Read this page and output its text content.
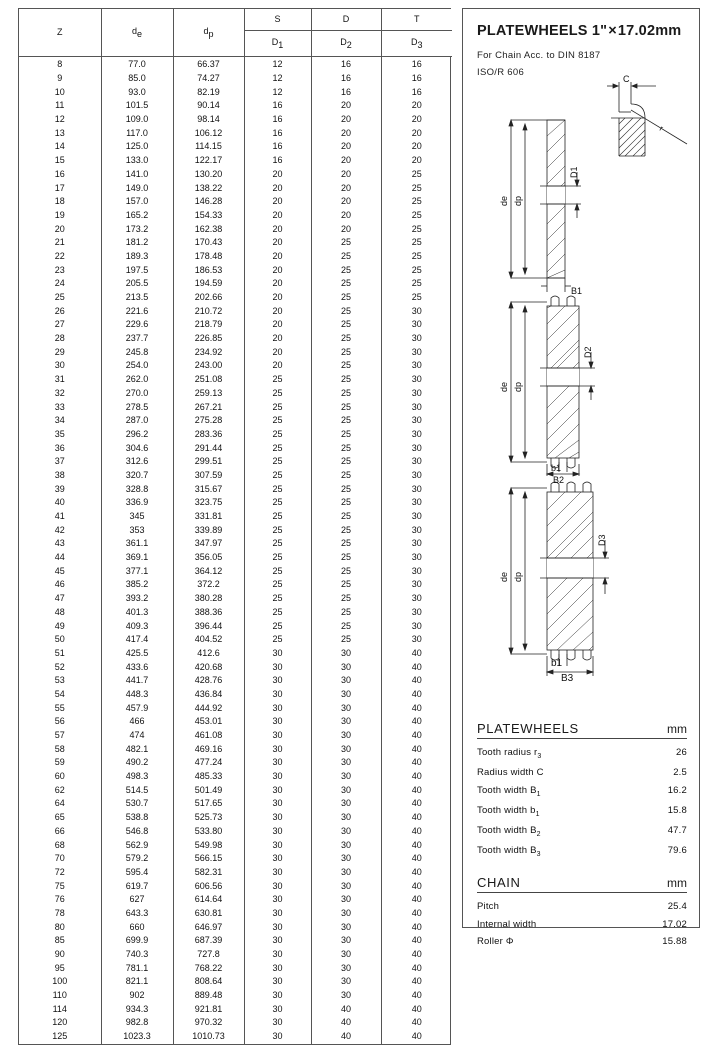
Z	$d_e$	$d_p$	S	D	T
			$D_1$	$D_2$	$D_3$
8	77.0	66.37	12	16	16
9	85.0	74.27	12	16	16
10	93.0	82.19	12	16	16
11	101.5	90.14	16	20	20
12	109.0	98.14	16	20	20
13	117.0	106.12	16	20	20
14	125.0	114.15	16	20	20
15	133.0	122.17	16	20	20
16	141.0	130.20	20	20	25
17	149.0	138.22	20	20	25
18	157.0	146.28	20	20	25
19	165.2	154.33	20	20	25
20	173.2	162.38	20	20	25
21	181.2	170.43	20	25	25
22	189.3	178.48	20	25	25
23	197.5	186.53	20	25	25
24	205.5	194.59	20	25	25
25	213.5	202.66	20	25	25
26	221.6	210.72	20	25	30
27	229.6	218.79	20	25	30
28	237.7	226.85	20	25	30
29	245.8	234.92	20	25	30
30	254.0	243.00	20	25	30
31	262.0	251.08	25	25	30
32	270.0	259.13	25	25	30
33	278.5	267.21	25	25	30
34	287.0	275.28	25	25	30
35	296.2	283.36	25	25	30
36	304.6	291.44	25	25	30
37	312.6	299.51	25	25	30
38	320.7	307.59	25	25	30
39	328.8	315.67	25	25	30
40	336.9	323.75	25	25	30
41	345	331.81	25	25	30
42	353	339.89	25	25	30
43	361.1	347.97	25	25	30
44	369.1	356.05	25	25	30
45	377.1	364.12	25	25	30
46	385.2	372.2	25	25	30
47	393.2	380.28	25	25	30
48	401.3	388.36	25	25	30
49	409.3	396.44	25	25	30
50	417.4	404.52	25	25	30
51	425.5	412.6	30	30	40
52	433.6	420.68	30	30	40
53	441.7	428.76	30	30	40
54	448.3	436.84	30	30	40
55	457.9	444.92	30	30	40
56	466	453.01	30	30	40
57	474	461.08	30	30	40
58	482.1	469.16	30	30	40
59	490.2	477.24	30	30	40
60	498.3	485.33	30	30	40
62	514.5	501.49	30	30	40
64	530.7	517.65	30	30	40
65	538.8	525.73	30	30	40
66	546.8	533.80	30	30	40
68	562.9	549.98	30	30	40
70	579.2	566.15	30	30	40
72	595.4	582.31	30	30	40
75	619.7	606.56	30	30	40
76	627	614.64	30	30	40
78	643.3	630.81	30	30	40
80	660	646.97	30	30	40
85	699.9	687.39	30	30	40
90	740.3	727.8	30	30	40
95	781.1	768.22	30	30	40
100	821.1	808.64	30	30	40
110	902	889.48	30	30	40
114	934.3	921.81	30	40	40
120	982.8	970.32	30	40	40
125	1023.3	1010.73	30	40	40
PLATEWHEELS 1"×17.02mm
For Chain Acc. to DIN 8187
ISO/R 606
C
r
de dp
D1
B1
de dp
D2
b1
B2
de dp
D3
b1
B3
PLATEWHEELS	mm
Tooth radius $r_3$	26
Radius width C	2.5
Tooth width $B_1$	16.2
Tooth width $b_1$	15.8
Tooth width $B_2$	47.7
Tooth width $B_3$	79.6
CHAIN	mm
Pitch	25.4
Internal width	17.02
Roller Φ	15.88
